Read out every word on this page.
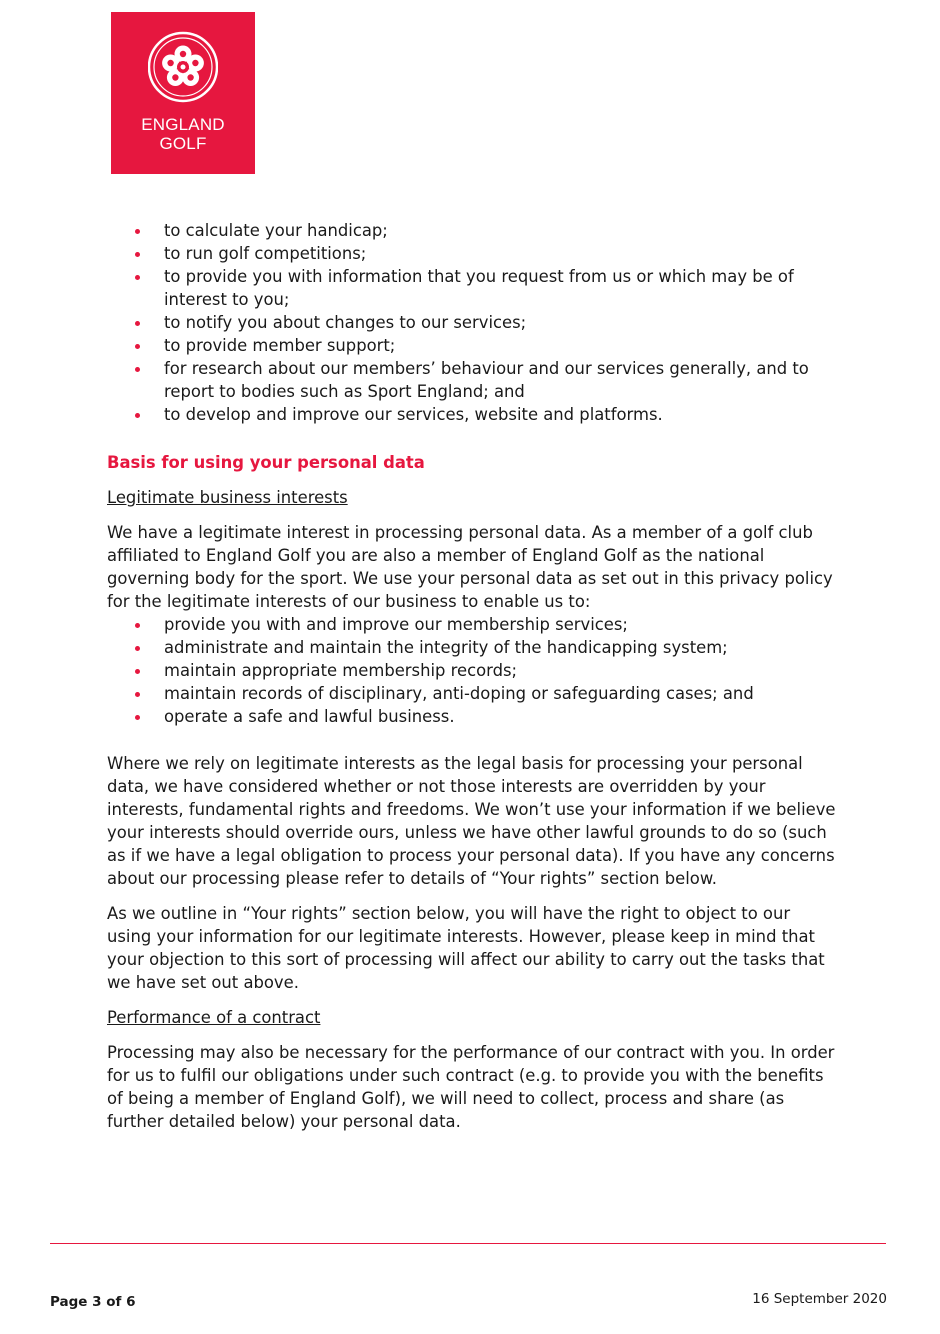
ENGLAND
GOLF
to calculate your handicap;
to run golf competitions;
to provide you with information that you request from us or which may be of interest to you;
to notify you about changes to our services;
to provide member support;
for research about our members’ behaviour and our services generally, and to report to bodies such as Sport England; and
to develop and improve our services, website and platforms.
Basis for using your personal data
Legitimate business interests

We have a legitimate interest in processing personal data. As a member of a golf club affiliated to England Golf you are also a member of England Golf as the national governing body for the sport. We use your personal data as set out in this privacy policy for the legitimate interests of our business to enable us to:

provide you with and improve our membership services;
administrate and maintain the integrity of the handicapping system;
maintain appropriate membership records;
maintain records of disciplinary, anti-doping or safeguarding cases; and
operate a safe and lawful business.

Where we rely on legitimate interests as the legal basis for processing your personal data, we have considered whether or not those interests are overridden by your interests, fundamental rights and freedoms. We won’t use your information if we believe your interests should override ours, unless we have other lawful grounds to do so (such as if we have a legal obligation to process your personal data). If you have any concerns about our processing please refer to details of “Your rights” section below.

As we outline in “Your rights” section below, you will have the right to object to our using your information for our legitimate interests. However, please keep in mind that your objection to this sort of processing will affect our ability to carry out the tasks that we have set out above.

Performance of a contract

Processing may also be necessary for the performance of our contract with you. In order for us to fulfil our obligations under such contract (e.g. to provide you with the benefits of being a member of England Golf), we will need to collect, process and share (as further detailed below) your personal data.

Page 3 of 6	16 September 2020
